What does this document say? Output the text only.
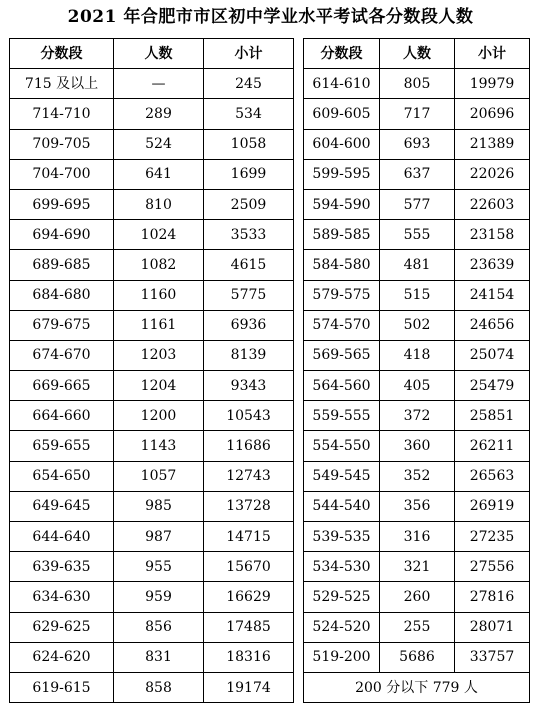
2021 年合肥市市区初中学业水平考试各分数段人数
分数段	人数	小计
715 及以上	—	245
714-710	289	534
709-705	524	1058
704-700	641	1699
699-695	810	2509
694-690	1024	3533
689-685	1082	4615
684-680	1160	5775
679-675	1161	6936
674-670	1203	8139
669-665	1204	9343
664-660	1200	10543
659-655	1143	11686
654-650	1057	12743
649-645	985	13728
644-640	987	14715
639-635	955	15670
634-630	959	16629
629-625	856	17485
624-620	831	18316
619-615	858	19174
分数段	人数	小计
614-610	805	19979
609-605	717	20696
604-600	693	21389
599-595	637	22026
594-590	577	22603
589-585	555	23158
584-580	481	23639
579-575	515	24154
574-570	502	24656
569-565	418	25074
564-560	405	25479
559-555	372	25851
554-550	360	26211
549-545	352	26563
544-540	356	26919
539-535	316	27235
534-530	321	27556
529-525	260	27816
524-520	255	28071
519-200	5686	33757
200 分以下 779 人		
